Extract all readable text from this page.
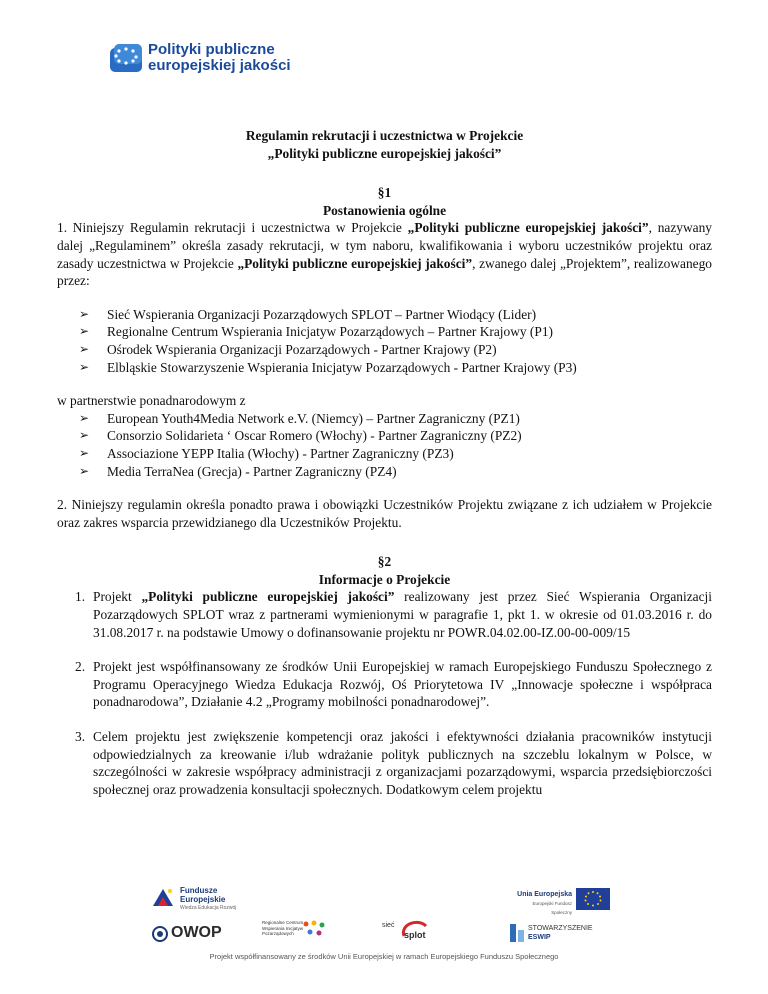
Polityki publiczne
europejskiej jakości

Regulamin rekrutacji i uczestnictwa w Projekcie

„Polityki publiczne europejskiej jakości”

§1

Postanowienia ogólne

1. Niniejszy Regulamin rekrutacji i uczestnictwa w Projekcie „Polityki publiczne europejskiej jakości”, nazywany dalej „Regulaminem” określa zasady rekrutacji, w tym naboru, kwalifikowania i wyboru uczestników projektu oraz zasady uczestnictwa w Projekcie „Polityki publiczne europejskiej jakości”, zwanego dalej „Projektem”, realizowanego przez:

➢ Sieć Wspierania Organizacji Pozarządowych SPLOT – Partner Wiodący (Lider)
➢ Regionalne Centrum Wspierania Inicjatyw Pozarządowych – Partner Krajowy (P1)
➢ Ośrodek Wspierania Organizacji Pozarządowych - Partner Krajowy (P2)
➢ Elbląskie Stowarzyszenie Wspierania Inicjatyw Pozarządowych - Partner Krajowy (P3)

w partnerstwie ponadnarodowym z

➢ European Youth4Media Network e.V. (Niemcy) – Partner Zagraniczny (PZ1)
➢ Consorzio Solidarieta ‘ Oscar Romero (Włochy) - Partner Zagraniczny (PZ2)
➢ Associazione YEPP Italia (Włochy) - Partner Zagraniczny (PZ3)
➢ Media TerraNea (Grecja) - Partner Zagraniczny (PZ4)

2. Niniejszy regulamin określa ponadto prawa i obowiązki Uczestników Projektu związane z ich udziałem w Projekcie oraz zakres wsparcia przewidzianego dla Uczestników Projektu.

§2

Informacje o Projekcie

1. Projekt „Polityki publiczne europejskiej jakości” realizowany jest przez Sieć Wspierania Organizacji Pozarządowych SPLOT wraz z partnerami wymienionymi w paragrafie 1, pkt 1. w okresie od 01.03.2016 r. do 31.08.2017 r. na podstawie Umowy o dofinansowanie projektu nr POWR.04.02.00-IZ.00-00-009/15
2. Projekt jest współfinansowany ze środków Unii Europejskiej w ramach Europejskiego Funduszu Społecznego z Programu Operacyjnego Wiedza Edukacja Rozwój, Oś Priorytetowa IV „Innowacje społeczne i współpraca ponadnarodowa”, Działanie 4.2 „Programy mobilności ponadnarodowej”.
3. Celem projektu jest zwiększenie kompetencji oraz jakości i efektywności działania pracowników instytucji odpowiedzialnych za kreowanie i/lub wdrażanie polityk publicznych na szczeblu lokalnym w Polsce, w szczególności w zakresie współpracy administracji z organizacjami pozarządowymi, wsparcia przedsiębiorczości społecznej oraz prowadzenia konsultacji społecznych. Dodatkowym celem projektu
Fundusze
Europejskie
Wiedza Edukacja Rozwój
Unia Europejska
Europejski Fundusz Społeczny
OWOP
Regionalne Centrum
Wspierania Inicjatyw
Pozarządowych
sieć
splot
STOWARZYSZENIE
ESWIP
Projekt współfinansowany ze środków Unii Europejskiej w ramach Europejskiego Funduszu Społecznego
